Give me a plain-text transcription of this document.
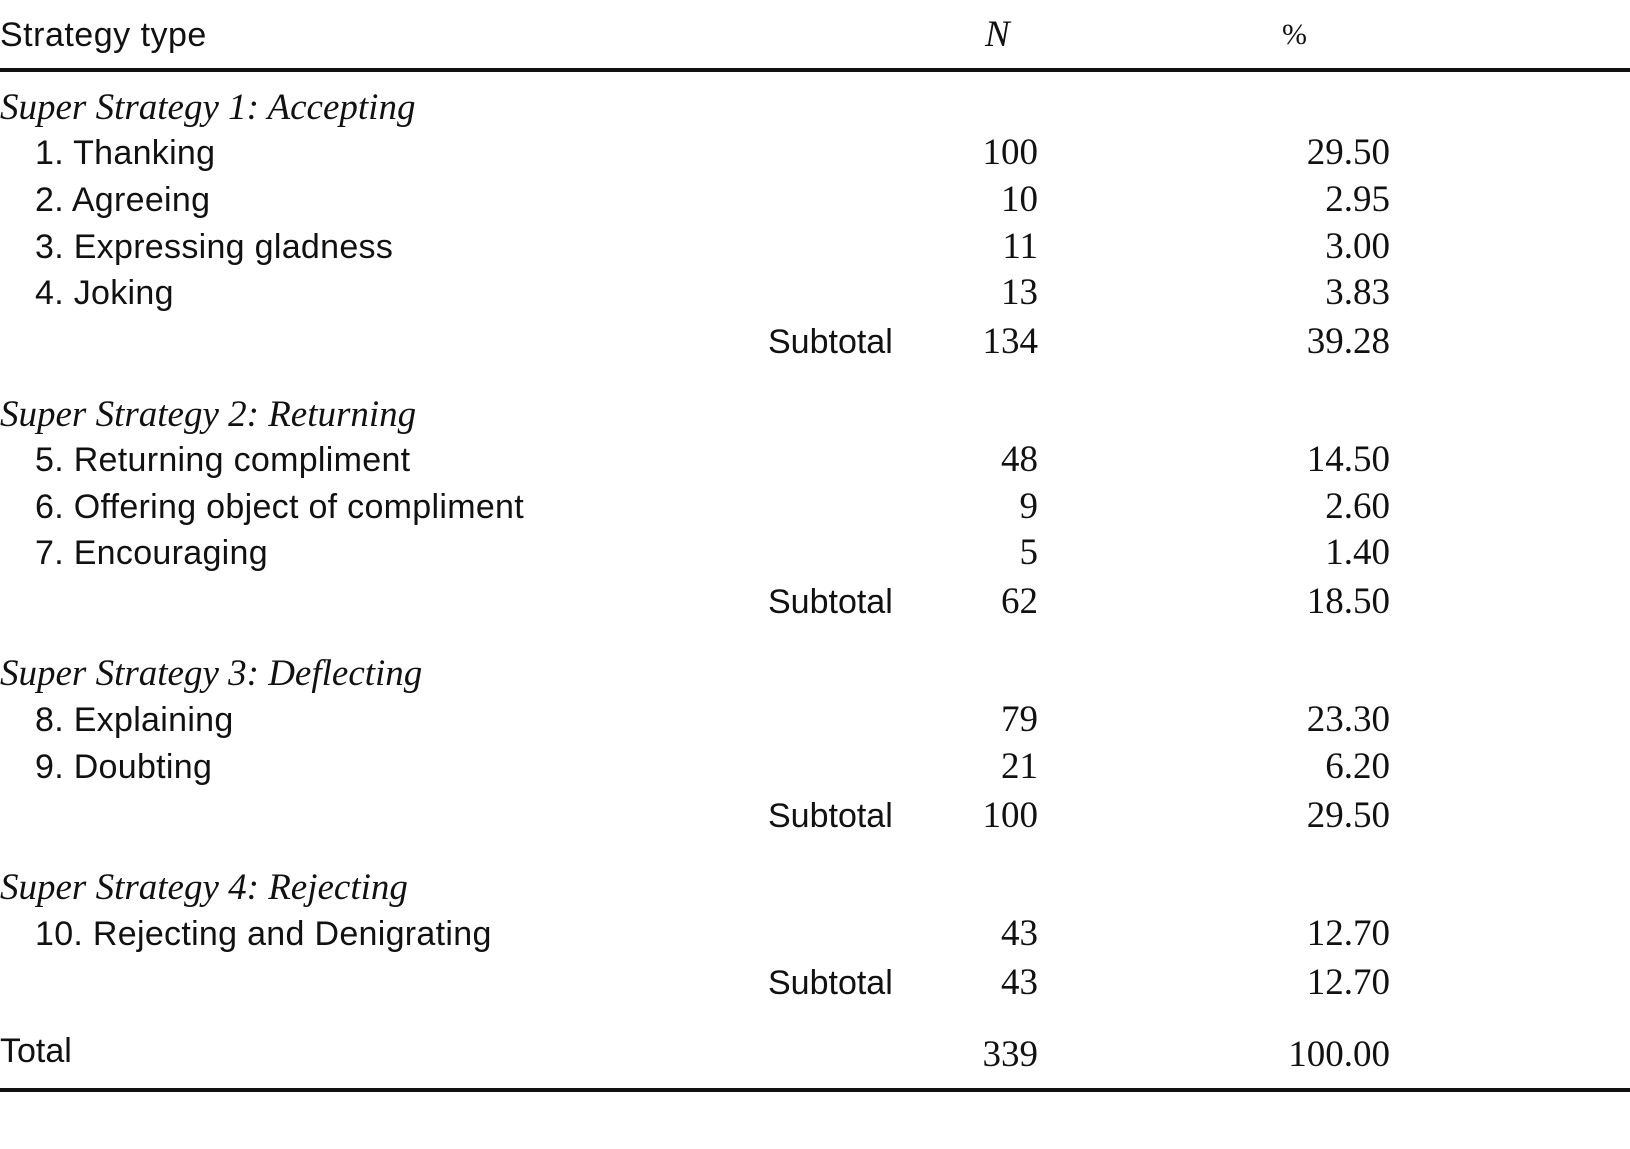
Strategy type	N	%
Super Strategy 1: Accepting
1. Thanking	100	29.50
2. Agreeing	10	2.95
3. Expressing gladness	11	3.00
4. Joking	13	3.83
Subtotal	134	39.28
Super Strategy 2: Returning
5. Returning compliment	48	14.50
6. Offering object of compliment	9	2.60
7. Encouraging	5	1.40
Subtotal	62	18.50
Super Strategy 3: Deflecting
8. Explaining	79	23.30
9. Doubting	21	6.20
Subtotal	100	29.50
Super Strategy 4: Rejecting
10. Rejecting and Denigrating	43	12.70
Subtotal	43	12.70
Total	339	100.00
